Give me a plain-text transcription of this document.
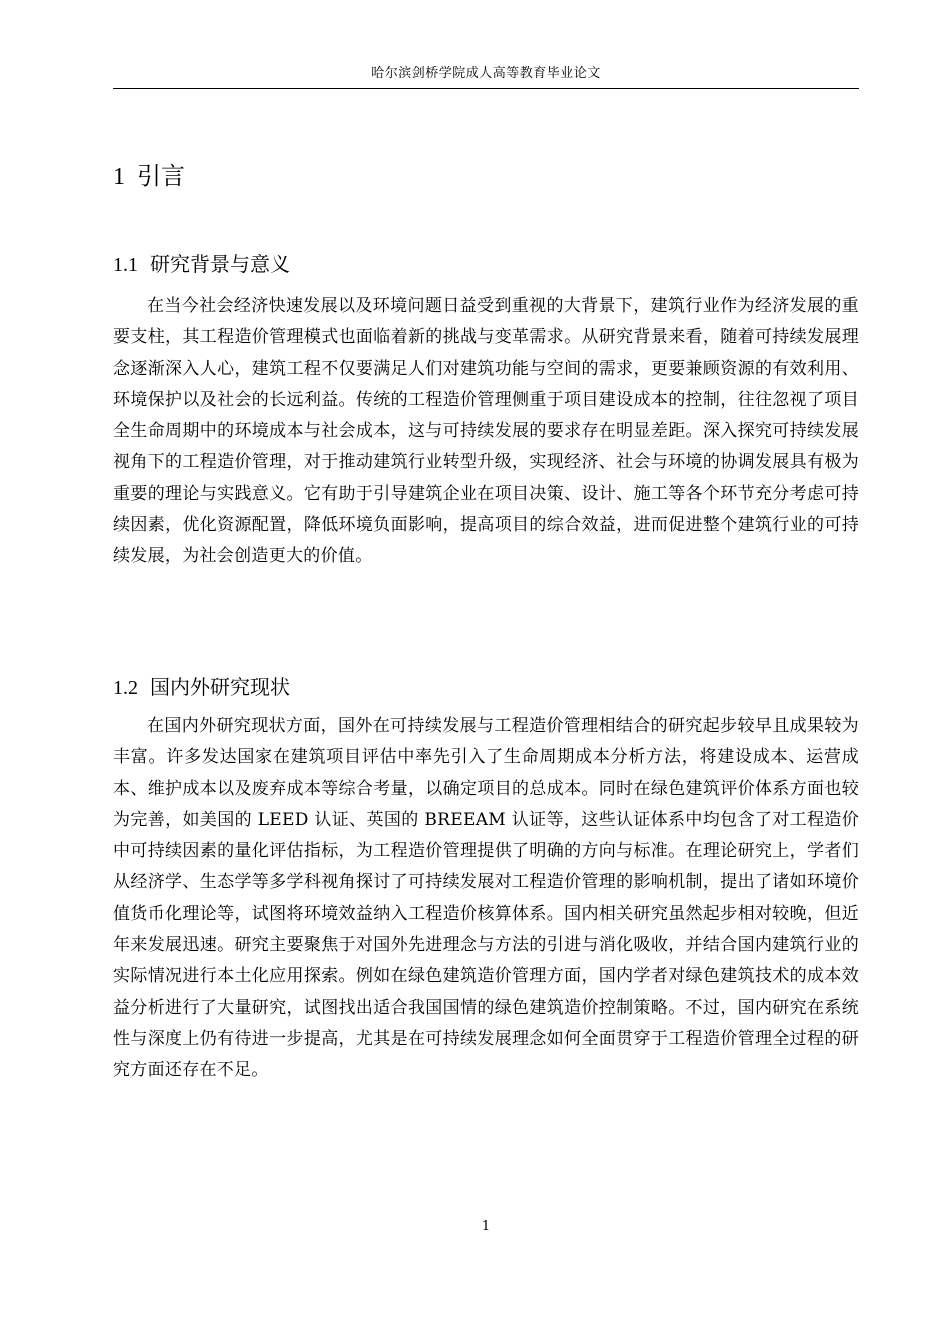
哈尔滨剑桥学院成人高等教育毕业论文
1 引言
1.1 研究背景与意义

在当今社会经济快速发展以及环境问题日益受到重视的大背景下，建筑行业作为经济发展的重要支柱，其工程造价管理模式也面临着新的挑战与变革需求。从研究背景来看，随着可持续发展理念逐渐深入人心，建筑工程不仅要满足人们对建筑功能与空间的需求，更要兼顾资源的有效利用、环境保护以及社会的长远利益。传统的工程造价管理侧重于项目建设成本的控制，往往忽视了项目全生命周期中的环境成本与社会成本，这与可持续发展的要求存在明显差距。深入探究可持续发展视角下的工程造价管理，对于推动建筑行业转型升级，实现经济、社会与环境的协调发展具有极为重要的理论与实践意义。它有助于引导建筑企业在项目决策、设计、施工等各个环节充分考虑可持续因素，优化资源配置，降低环境负面影响，提高项目的综合效益，进而促进整个建筑行业的可持续发展，为社会创造更大的价值。

1.2 国内外研究现状

在国内外研究现状方面，国外在可持续发展与工程造价管理相结合的研究起步较早且成果较为丰富。许多发达国家在建筑项目评估中率先引入了生命周期成本分析方法，将建设成本、运营成本、维护成本以及废弃成本等综合考量，以确定项目的总成本。同时在绿色建筑评价体系方面也较为完善，如美国的 LEED 认证、英国的 BREEAM 认证等，这些认证体系中均包含了对工程造价中可持续因素的量化评估指标，为工程造价管理提供了明确的方向与标准。在理论研究上，学者们从经济学、生态学等多学科视角探讨了可持续发展对工程造价管理的影响机制，提出了诸如环境价值货币化理论等，试图将环境效益纳入工程造价核算体系。国内相关研究虽然起步相对较晚，但近年来发展迅速。研究主要聚焦于对国外先进理念与方法的引进与消化吸收，并结合国内建筑行业的实际情况进行本土化应用探索。例如在绿色建筑造价管理方面，国内学者对绿色建筑技术的成本效益分析进行了大量研究，试图找出适合我国国情的绿色建筑造价控制策略。不过，国内研究在系统性与深度上仍有待进一步提高，尤其是在可持续发展理念如何全面贯穿于工程造价管理全过程的研究方面还存在不足。

1
